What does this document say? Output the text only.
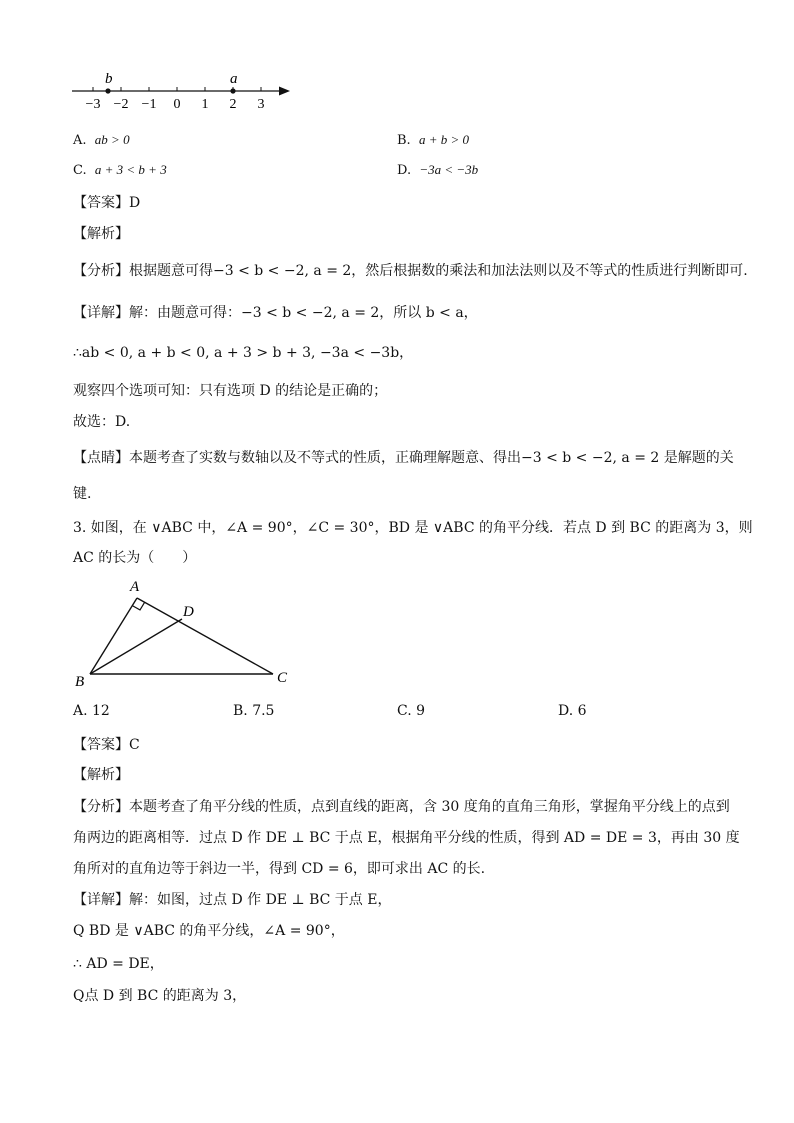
b	a
−3 −2 −1 0 1 2 3
A. ab > 0	B. a + b > 0
C. a + 3 < b + 3	D. −3a < −3b
【答案】D
【解析】
【分析】根据题意可得−3 < b < −2, a = 2，然后根据数的乘法和加法法则以及不等式的性质进行判断即可.
【详解】解：由题意可得：−3 < b < −2, a = 2，所以 b < a，
∴ab < 0, a + b < 0, a + 3 > b + 3, −3a < −3b，
观察四个选项可知：只有选项 D 的结论是正确的；
故选：D.
【点睛】本题考查了实数与数轴以及不等式的性质，正确理解题意、得出−3 < b < −2, a = 2 是解题的关
键.
3. 如图，在 ∨ABC 中，∠A = 90°，∠C = 30°，BD 是 ∨ABC 的角平分线．若点 D 到 BC 的距离为 3，则
AC 的长为（　　）
A
B	C
D
A. 12	B. 7.5	C. 9	D. 6
【答案】C
【解析】
【分析】本题考查了角平分线的性质，点到直线的距离，含 30 度角的直角三角形，掌握角平分线上的点到
角两边的距离相等．过点 D 作 DE ⊥ BC 于点 E，根据角平分线的性质，得到 AD = DE = 3，再由 30 度
角所对的直角边等于斜边一半，得到 CD = 6，即可求出 AC 的长.
【详解】解：如图，过点 D 作 DE ⊥ BC 于点 E，
Q BD 是 ∨ABC 的角平分线，∠A = 90°，
∴ AD = DE，
Q点 D 到 BC 的距离为 3，
